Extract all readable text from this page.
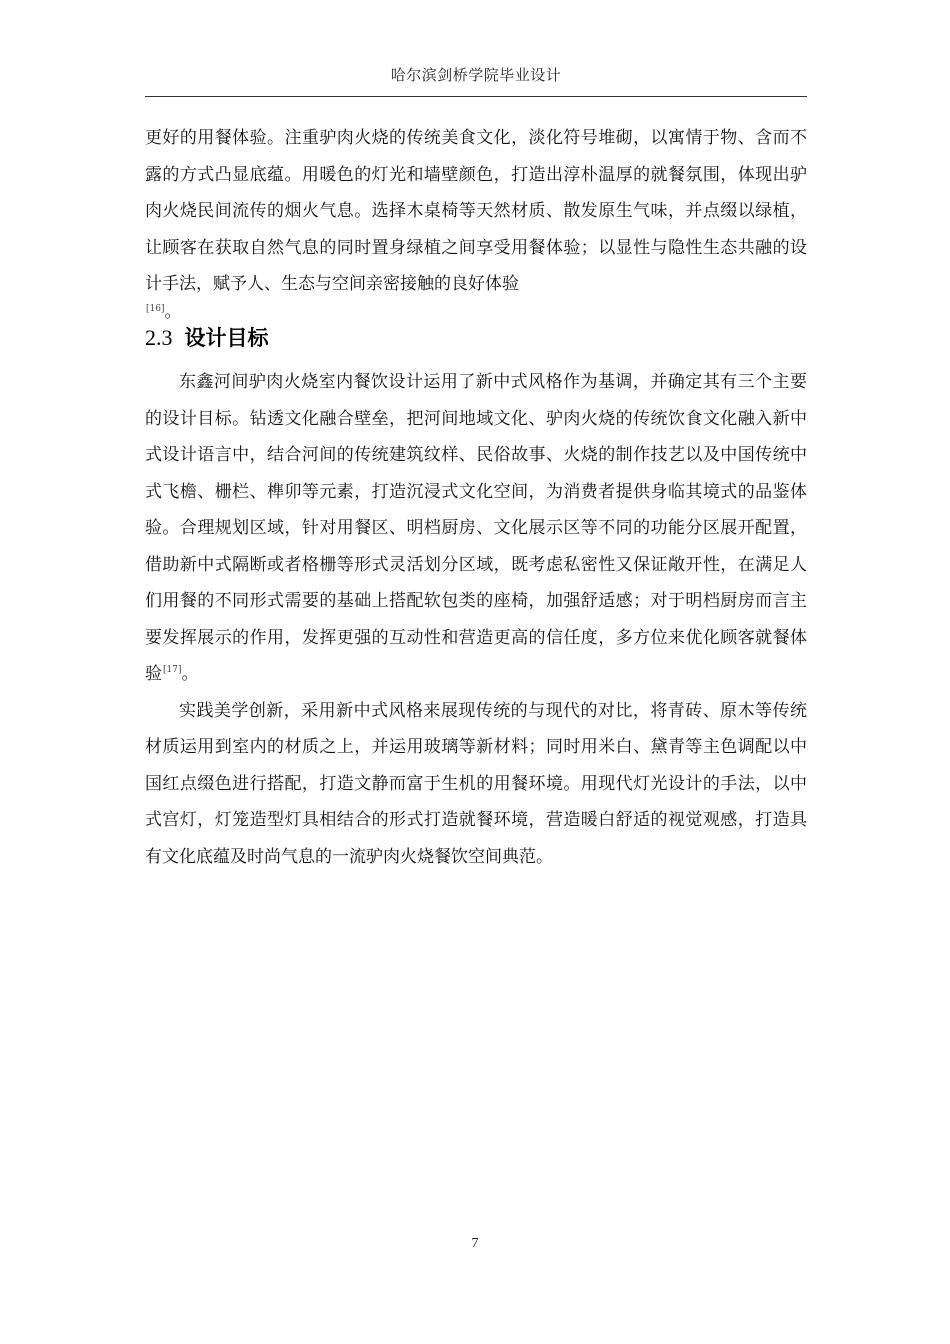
哈尔滨剑桥学院毕业设计

更好的用餐体验。注重驴肉火烧的传统美食文化，淡化符号堆砌，以寓情于物、含而不露的方式凸显底蕴。用暖色的灯光和墙壁颜色，打造出淳朴温厚的就餐氛围，体现出驴肉火烧民间流传的烟火气息。选择木桌椅等天然材质、散发原生气味，并点缀以绿植，让顾客在获取自然气息的同时置身绿植之间享受用餐体验；以显性与隐性生态共融的设计手法，赋予人、生态与空间亲密接触的良好体验

[16]。

2.3 设计目标

东鑫河间驴肉火烧室内餐饮设计运用了新中式风格作为基调，并确定其有三个主要的设计目标。钻透文化融合壁垒，把河间地域文化、驴肉火烧的传统饮食文化融入新中式设计语言中，结合河间的传统建筑纹样、民俗故事、火烧的制作技艺以及中国传统中式飞檐、栅栏、榫卯等元素，打造沉浸式文化空间，为消费者提供身临其境式的品鉴体验。合理规划区域，针对用餐区、明档厨房、文化展示区等不同的功能分区展开配置，借助新中式隔断或者格栅等形式灵活划分区域，既考虑私密性又保证敞开性，在满足人们用餐的不同形式需要的基础上搭配软包类的座椅，加强舒适感；对于明档厨房而言主要发挥展示的作用，发挥更强的互动性和营造更高的信任度，多方位来优化顾客就餐体验[17]。

实践美学创新，采用新中式风格来展现传统的与现代的对比，将青砖、原木等传统材质运用到室内的材质之上，并运用玻璃等新材料；同时用米白、黛青等主色调配以中国红点缀色进行搭配，打造文静而富于生机的用餐环境。用现代灯光设计的手法，以中式宫灯，灯笼造型灯具相结合的形式打造就餐环境，营造暖白舒适的视觉观感，打造具有文化底蕴及时尚气息的一流驴肉火烧餐饮空间典范。

7
